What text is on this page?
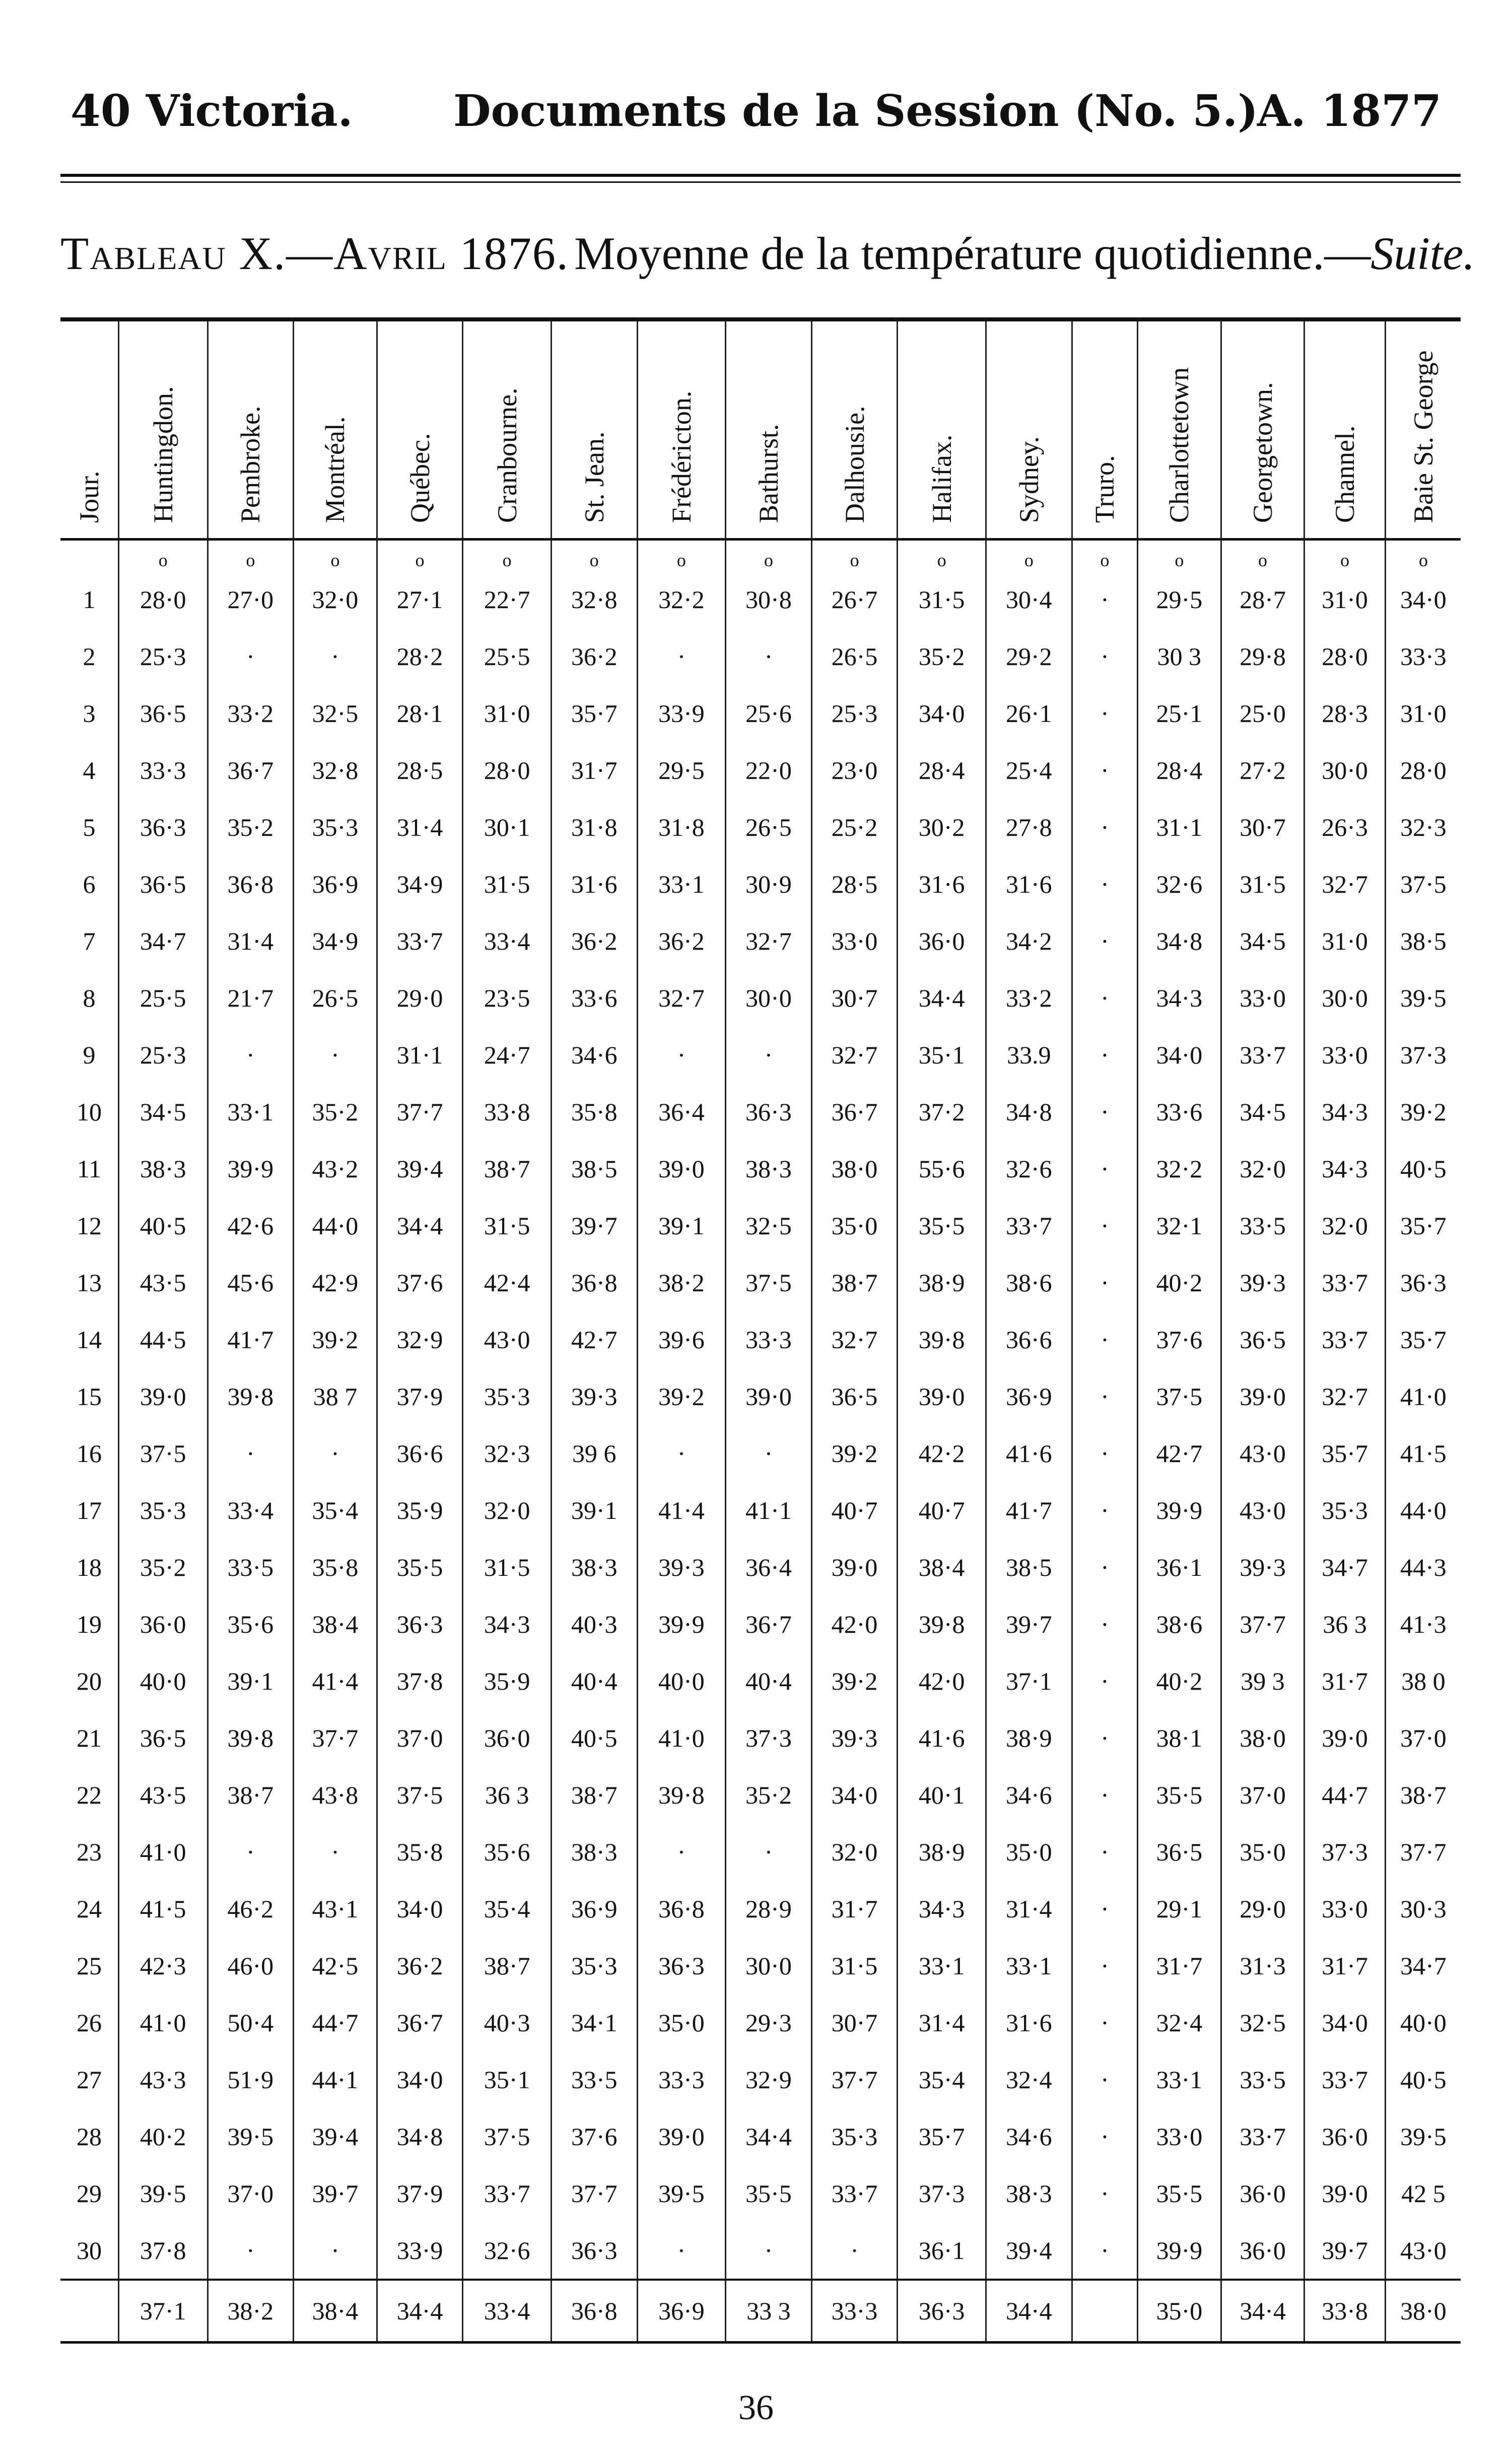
40 Victoria. Documents de la Session (No. 5.)
A. 1877
Tableau X.—Avril 1876. Moyenne de la température quotidienne.—Suite.
Jour.	Huntingdon.	Pembroke.	Montréal.	Québec.	Cranbourne.	St. Jean.	Frédéricton.	Bathurst.	Dalhousie.	Halifax.	Sydney.	Truro.	Charlottetown	Georgetown.	Channel.	Baie St. George

	o	o	o	o	o	o	o	o	o	o	o	o	o	o	o	o
1	28·0	27·0	32·0	27·1	22·7	32·8	32·2	30·8	26·7	31·5	30·4	·	29·5	28·7	31·0	34·0
2	25·3	·	·	28·2	25·5	36·2	·	·	26·5	35·2	29·2	·	30 3	29·8	28·0	33·3
3	36·5	33·2	32·5	28·1	31·0	35·7	33·9	25·6	25·3	34·0	26·1	·	25·1	25·0	28·3	31·0
4	33·3	36·7	32·8	28·5	28·0	31·7	29·5	22·0	23·0	28·4	25·4	·	28·4	27·2	30·0	28·0
5	36·3	35·2	35·3	31·4	30·1	31·8	31·8	26·5	25·2	30·2	27·8	·	31·1	30·7	26·3	32·3
6	36·5	36·8	36·9	34·9	31·5	31·6	33·1	30·9	28·5	31·6	31·6	·	32·6	31·5	32·7	37·5
7	34·7	31·4	34·9	33·7	33·4	36·2	36·2	32·7	33·0	36·0	34·2	·	34·8	34·5	31·0	38·5
8	25·5	21·7	26·5	29·0	23·5	33·6	32·7	30·0	30·7	34·4	33·2	·	34·3	33·0	30·0	39·5
9	25·3	·	·	31·1	24·7	34·6	·	·	32·7	35·1	33.9	·	34·0	33·7	33·0	37·3
10	34·5	33·1	35·2	37·7	33·8	35·8	36·4	36·3	36·7	37·2	34·8	·	33·6	34·5	34·3	39·2
11	38·3	39·9	43·2	39·4	38·7	38·5	39·0	38·3	38·0	55·6	32·6	·	32·2	32·0	34·3	40·5
12	40·5	42·6	44·0	34·4	31·5	39·7	39·1	32·5	35·0	35·5	33·7	·	32·1	33·5	32·0	35·7
13	43·5	45·6	42·9	37·6	42·4	36·8	38·2	37·5	38·7	38·9	38·6	·	40·2	39·3	33·7	36·3
14	44·5	41·7	39·2	32·9	43·0	42·7	39·6	33·3	32·7	39·8	36·6	·	37·6	36·5	33·7	35·7
15	39·0	39·8	38 7	37·9	35·3	39·3	39·2	39·0	36·5	39·0	36·9	·	37·5	39·0	32·7	41·0
16	37·5	·	·	36·6	32·3	39 6	·	·	39·2	42·2	41·6	·	42·7	43·0	35·7	41·5
17	35·3	33·4	35·4	35·9	32·0	39·1	41·4	41·1	40·7	40·7	41·7	·	39·9	43·0	35·3	44·0
18	35·2	33·5	35·8	35·5	31·5	38·3	39·3	36·4	39·0	38·4	38·5	·	36·1	39·3	34·7	44·3
19	36·0	35·6	38·4	36·3	34·3	40·3	39·9	36·7	42·0	39·8	39·7	·	38·6	37·7	36 3	41·3
20	40·0	39·1	41·4	37·8	35·9	40·4	40·0	40·4	39·2	42·0	37·1	·	40·2	39 3	31·7	38 0
21	36·5	39·8	37·7	37·0	36·0	40·5	41·0	37·3	39·3	41·6	38·9	·	38·1	38·0	39·0	37·0
22	43·5	38·7	43·8	37·5	36 3	38·7	39·8	35·2	34·0	40·1	34·6	·	35·5	37·0	44·7	38·7
23	41·0	·	·	35·8	35·6	38·3	·	·	32·0	38·9	35·0	·	36·5	35·0	37·3	37·7
24	41·5	46·2	43·1	34·0	35·4	36·9	36·8	28·9	31·7	34·3	31·4	·	29·1	29·0	33·0	30·3
25	42·3	46·0	42·5	36·2	38·7	35·3	36·3	30·0	31·5	33·1	33·1	·	31·7	31·3	31·7	34·7
26	41·0	50·4	44·7	36·7	40·3	34·1	35·0	29·3	30·7	31·4	31·6	·	32·4	32·5	34·0	40·0
27	43·3	51·9	44·1	34·0	35·1	33·5	33·3	32·9	37·7	35·4	32·4	·	33·1	33·5	33·7	40·5
28	40·2	39·5	39·4	34·8	37·5	37·6	39·0	34·4	35·3	35·7	34·6	·	33·0	33·7	36·0	39·5
29	39·5	37·0	39·7	37·9	33·7	37·7	39·5	35·5	33·7	37·3	38·3	·	35·5	36·0	39·0	42 5
30	37·8	·	·	33·9	32·6	36·3	·	·	·	36·1	39·4	·	39·9	36·0	39·7	43·0
	37·1	38·2	38·4	34·4	33·4	36·8	36·9	33 3	33·3	36·3	34·4		35·0	34·4	33·8	38·0
36
